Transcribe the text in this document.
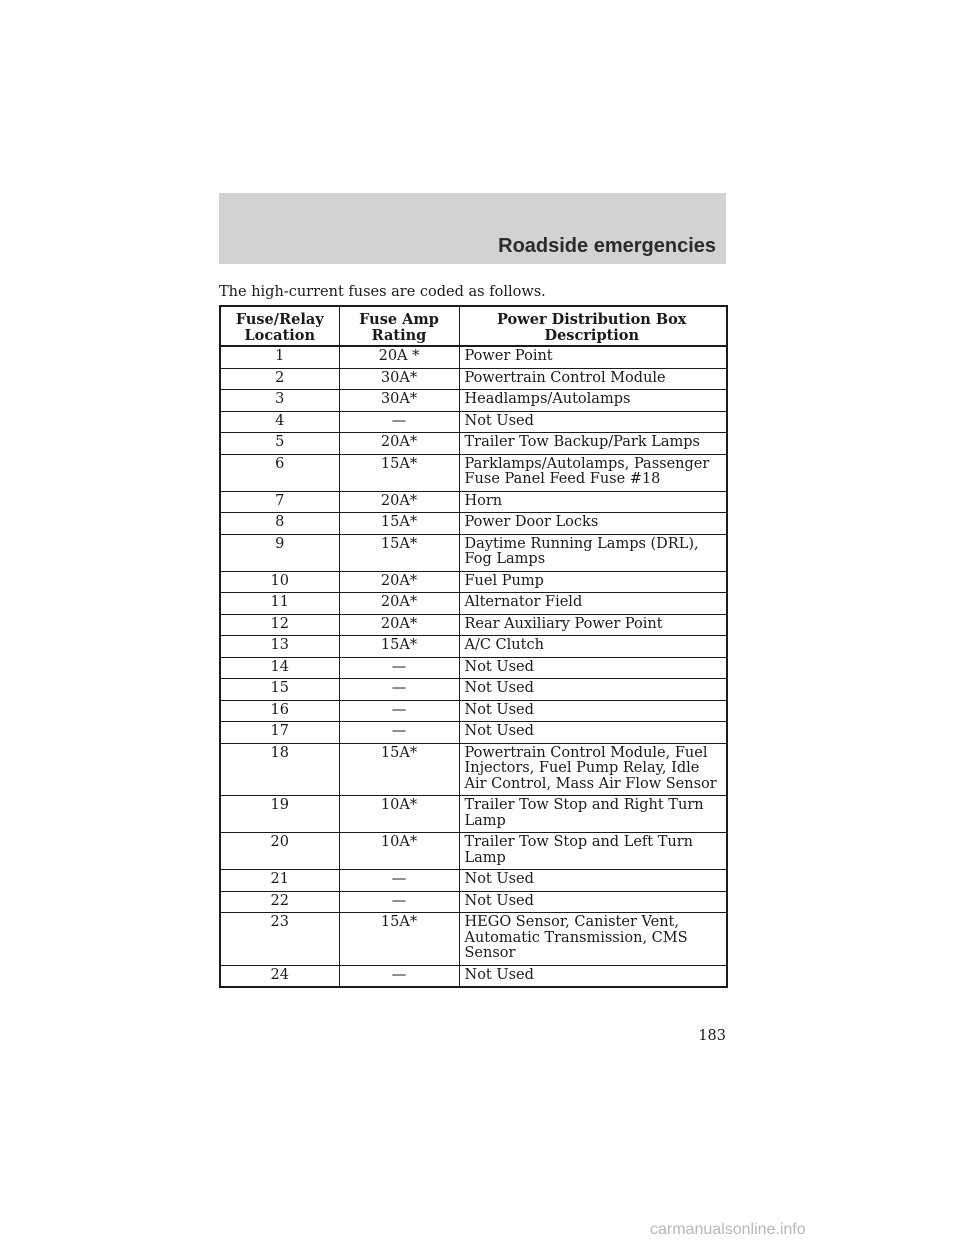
Roadside emergencies
The high-current fuses are coded as follows.
Fuse/Relay Location	Fuse Amp Rating	Power Distribution Box Description
1	20A *	Power Point
2	30A*	Powertrain Control Module
3	30A*	Headlamps/Autolamps
4	—	Not Used
5	20A*	Trailer Tow Backup/Park Lamps
6	15A*	Parklamps/Autolamps, Passenger Fuse Panel Feed Fuse #18
7	20A*	Horn
8	15A*	Power Door Locks
9	15A*	Daytime Running Lamps (DRL), Fog Lamps
10	20A*	Fuel Pump
11	20A*	Alternator Field
12	20A*	Rear Auxiliary Power Point
13	15A*	A/C Clutch
14	—	Not Used
15	—	Not Used
16	—	Not Used
17	—	Not Used
18	15A*	Powertrain Control Module, Fuel Injectors, Fuel Pump Relay, Idle Air Control, Mass Air Flow Sensor
19	10A*	Trailer Tow Stop and Right Turn Lamp
20	10A*	Trailer Tow Stop and Left Turn Lamp
21	—	Not Used
22	—	Not Used
23	15A*	HEGO Sensor, Canister Vent, Automatic Transmission, CMS Sensor
24	—	Not Used
183
carmanualsonline.info
